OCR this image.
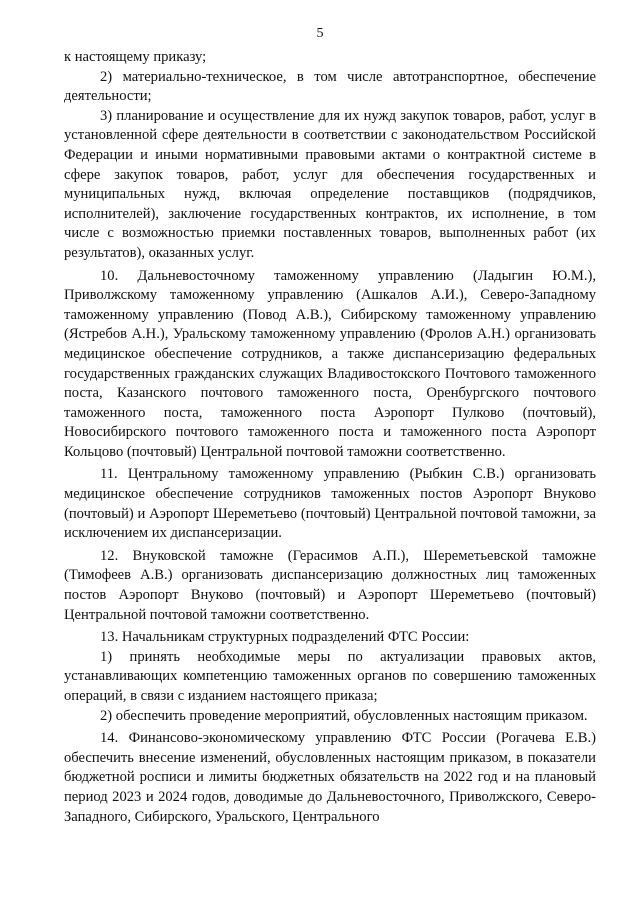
5

к настоящему приказу;

2) материально-техническое, в том числе автотранспортное, обеспечение деятельности;

3) планирование и осуществление для их нужд закупок товаров, работ, услуг в установленной сфере деятельности в соответствии с законодательством Российской Федерации и иными нормативными правовыми актами о контрактной системе в сфере закупок товаров, работ, услуг для обеспечения государственных и муниципальных нужд, включая определение поставщиков (подрядчиков, исполнителей), заключение государственных контрактов, их исполнение, в том числе с возможностью приемки поставленных товаров, выполненных работ (их результатов), оказанных услуг.

10. Дальневосточному таможенному управлению (Ладыгин Ю.М.), Приволжскому таможенному управлению (Ашкалов А.И.), Северо-Западному таможенному управлению (Повод А.В.), Сибирскому таможенному управлению (Ястребов А.Н.), Уральскому таможенному управлению (Фролов А.Н.) организовать медицинское обеспечение сотрудников, а также диспансеризацию федеральных государственных гражданских служащих Владивостокского Почтового таможенного поста, Казанского почтового таможенного поста, Оренбургского почтового таможенного поста, таможенного поста Аэропорт Пулково (почтовый), Новосибирского почтового таможенного поста и таможенного поста Аэропорт Кольцово (почтовый) Центральной почтовой таможни соответственно.

11. Центральному таможенному управлению (Рыбкин С.В.) организовать медицинское обеспечение сотрудников таможенных постов Аэропорт Внуково (почтовый) и Аэропорт Шереметьево (почтовый) Центральной почтовой таможни, за исключением их диспансеризации.

12. Внуковской таможне (Герасимов А.П.), Шереметьевской таможне (Тимофеев А.В.) организовать диспансеризацию должностных лиц таможенных постов Аэропорт Внуково (почтовый) и Аэропорт Шереметьево (почтовый) Центральной почтовой таможни соответственно.

13. Начальникам структурных подразделений ФТС России:

1) принять необходимые меры по актуализации правовых актов, устанавливающих компетенцию таможенных органов по совершению таможенных операций, в связи с изданием настоящего приказа;

2) обеспечить проведение мероприятий, обусловленных настоящим приказом.

14. Финансово-экономическому управлению ФТС России (Рогачева Е.В.) обеспечить внесение изменений, обусловленных настоящим приказом, в показатели бюджетной росписи и лимиты бюджетных обязательств на 2022 год и на плановый период 2023 и 2024 годов, доводимые до Дальневосточного, Приволжского, Северо-Западного, Сибирского, Уральского, Центрального
